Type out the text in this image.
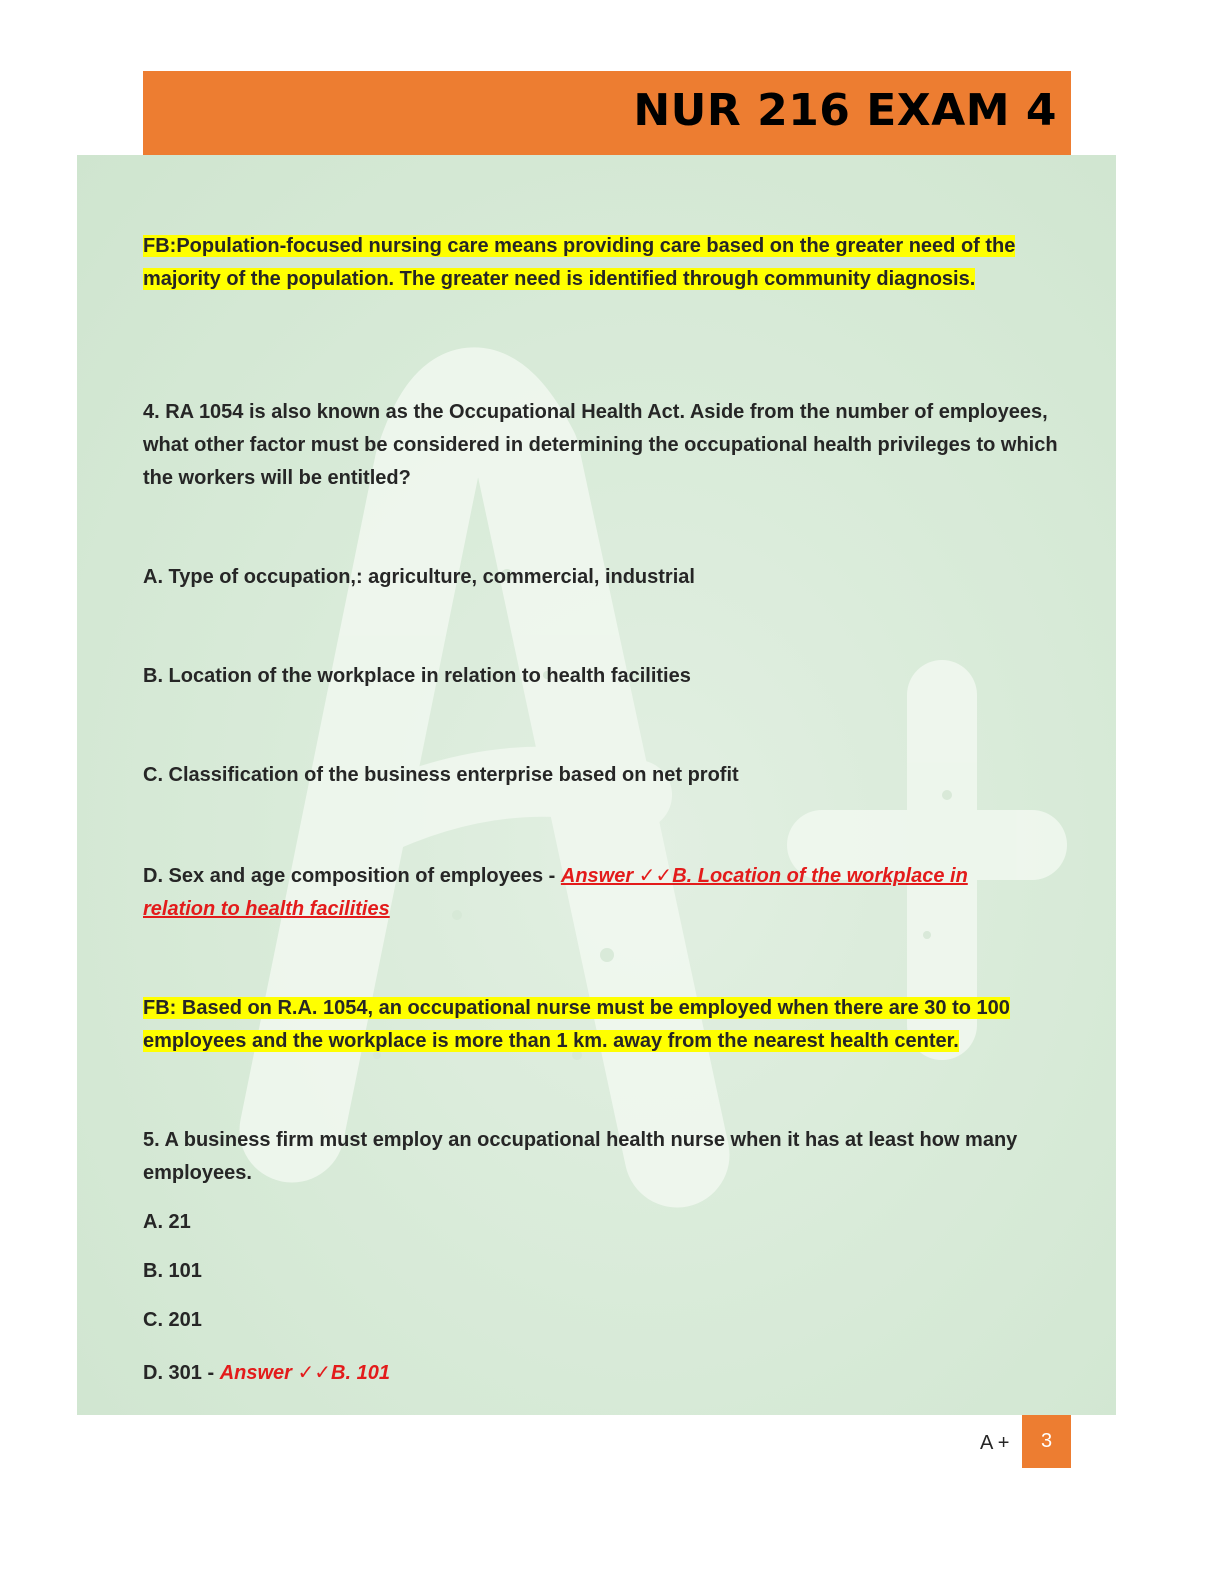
NUR 216 EXAM 4

FB:Population-focused nursing care means providing care based on the greater need of the majority of the population. The greater need is identified through community diagnosis.

4. RA 1054 is also known as the Occupational Health Act. Aside from the number of employees, what other factor must be considered in determining the occupational health privileges to which the workers will be entitled?

A. Type of occupation,: agriculture, commercial, industrial

B. Location of the workplace in relation to health facilities

C. Classification of the business enterprise based on net profit

D. Sex and age composition of employees - Answer ✓✓B. Location of the workplace in relation to health facilities

FB: Based on R.A. 1054, an occupational nurse must be employed when there are 30 to 100 employees and the workplace is more than 1 km. away from the nearest health center.

5. A business firm must employ an occupational health nurse when it has at least how many employees.

A. 21

B. 101

C. 201

D. 301 - Answer ✓✓B. 101

A +	3
